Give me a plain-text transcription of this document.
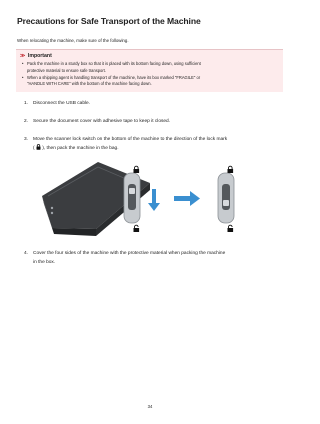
Precautions for Safe Transport of the Machine
When relocating the machine, make sure of the following.
≫ Important
• Pack the machine in a sturdy box so that it is placed with its bottom facing down, using sufficient
protective material to ensure safe transport.
• When a shipping agent is handling transport of the machine, have its box marked "FRAGILE" or
"HANDLE WITH CARE" with the bottom of the machine facing down.
1. Disconnect the USB cable.
2. Secure the document cover with adhesive tape to keep it closed.
3. Move the scanner lock switch on the bottom of the machine to the direction of the lock mark
(  ), then pack the machine in the bag.
4. Cover the four sides of the machine with the protective material when packing the machine
in the box.
34
